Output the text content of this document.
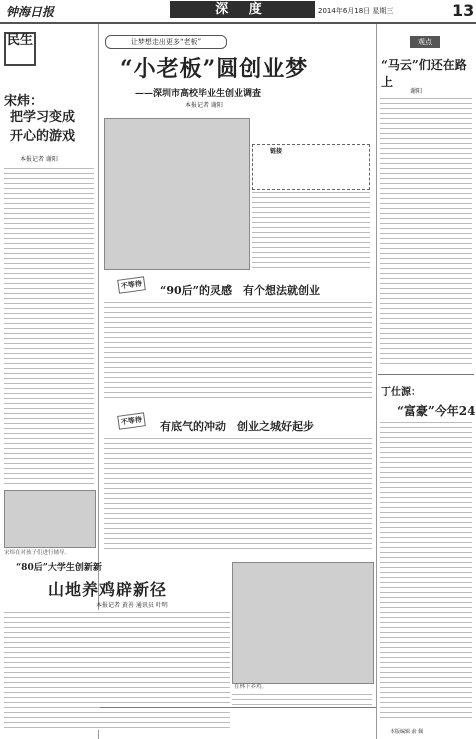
钟海日报	深 度	2014年6月18日 星期三	13
民生
宋炜：
把学习变成
开心的游戏
本报记者 谢阳
宋炜在对孩子们进行辅导。
让梦想走出更多“老板”
“小老板”圆创业梦
——深圳市高校毕业生创业调查
本报记者 谢阳
链接
不等待	“90后”的灵感　有个想法就创业
不等待	有底气的冲动　创业之城好起步
“80后”大学生创新新
山地养鸡辟新径
本报记者 黄善 通讯员 叶明
在林下养鸡。
观点
“马云”们还在路上
谢阳
丁仕源：
“富豪”今年24
本版编辑 俞 佩
